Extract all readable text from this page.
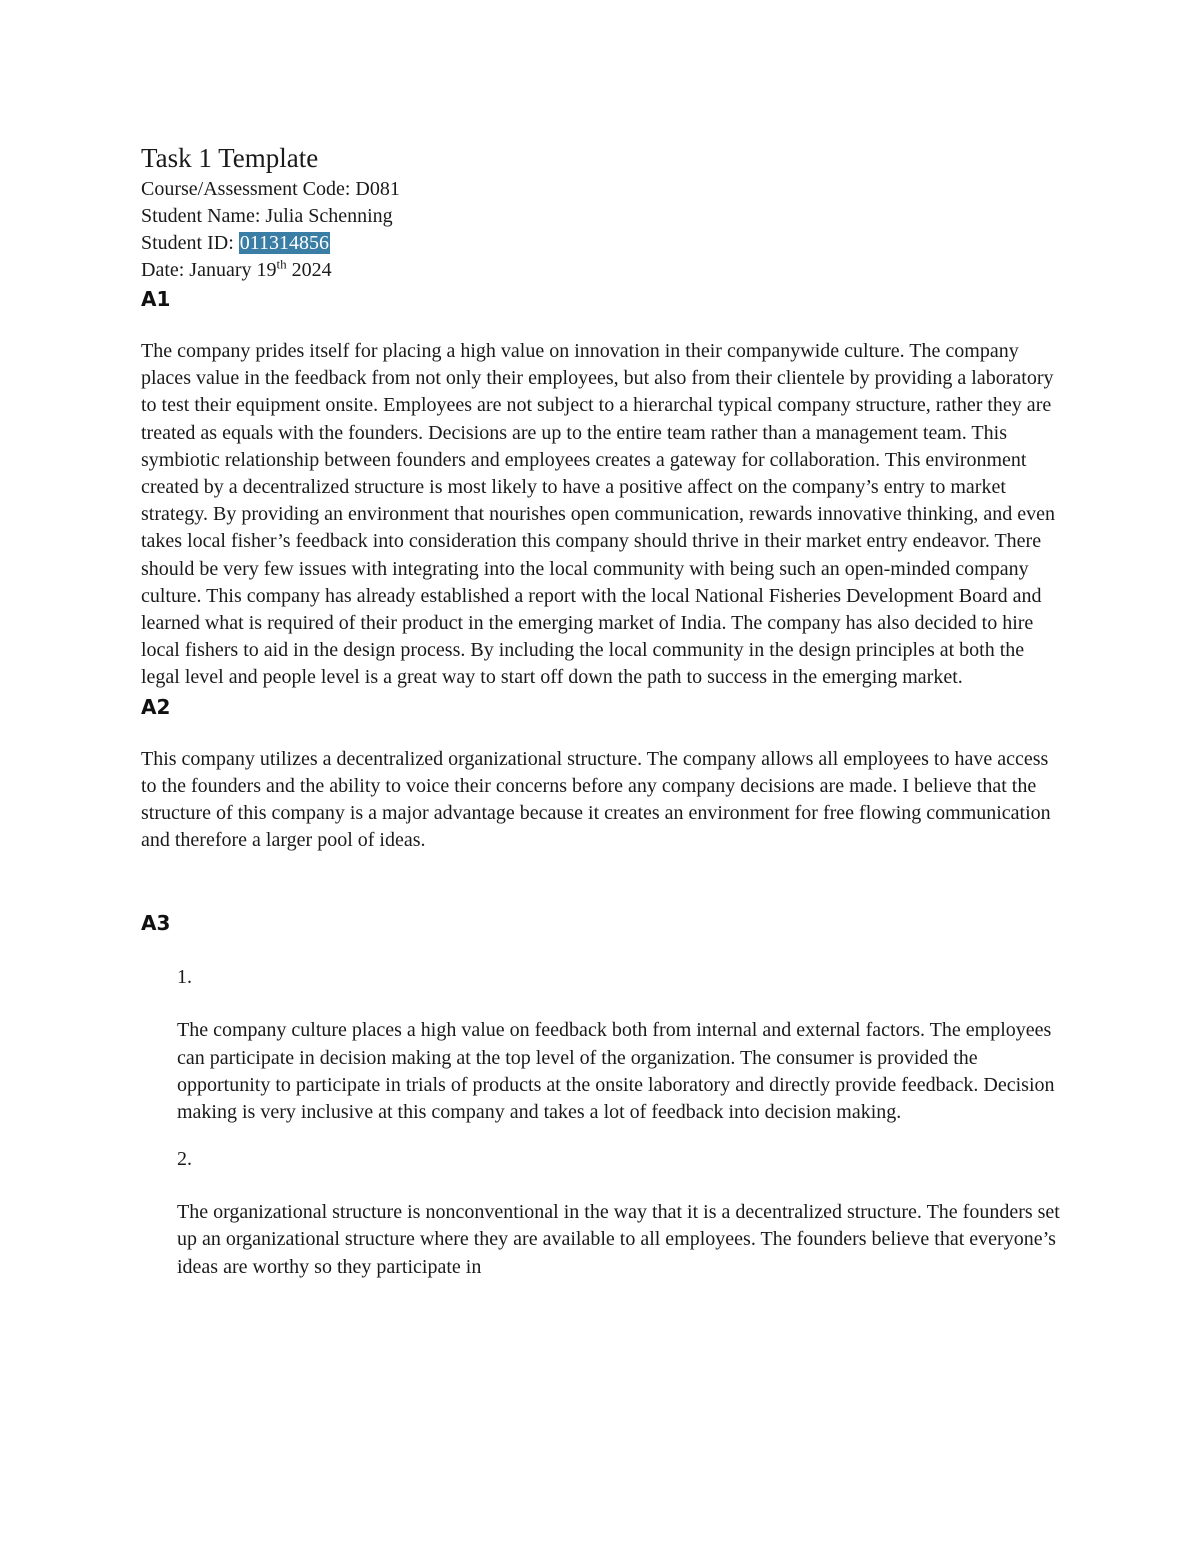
Task 1 Template

Course/Assessment Code: D081

Student Name: Julia Schenning

Student ID: 011314856

Date: January 19th 2024

A1

The company prides itself for placing a high value on innovation in their companywide culture. The company places value in the feedback from not only their employees, but also from their clientele by providing a laboratory to test their equipment onsite. Employees are not subject to a hierarchal typical company structure, rather they are treated as equals with the founders. Decisions are up to the entire team rather than a management team. This symbiotic relationship between founders and employees creates a gateway for collaboration. This environment created by a decentralized structure is most likely to have a positive affect on the company’s entry to market strategy. By providing an environment that nourishes open communication, rewards innovative thinking, and even takes local fisher’s feedback into consideration this company should thrive in their market entry endeavor. There should be very few issues with integrating into the local community with being such an open-minded company culture. This company has already established a report with the local National Fisheries Development Board and learned what is required of their product in the emerging market of India. The company has also decided to hire local fishers to aid in the design process. By including the local community in the design principles at both the legal level and people level is a great way to start off down the path to success in the emerging market.

A2

This company utilizes a decentralized organizational structure. The company allows all employees to have access to the founders and the ability to voice their concerns before any company decisions are made. I believe that the structure of this company is a major advantage because it creates an environment for free flowing communication and therefore a larger pool of ideas.

A3

1.

The company culture places a high value on feedback both from internal and external factors. The employees can participate in decision making at the top level of the organization. The consumer is provided the opportunity to participate in trials of products at the onsite laboratory and directly provide feedback. Decision making is very inclusive at this company and takes a lot of feedback into decision making.

2.

The organizational structure is nonconventional in the way that it is a decentralized structure. The founders set up an organizational structure where they are available to all employees. The founders believe that everyone’s ideas are worthy so they participate in
